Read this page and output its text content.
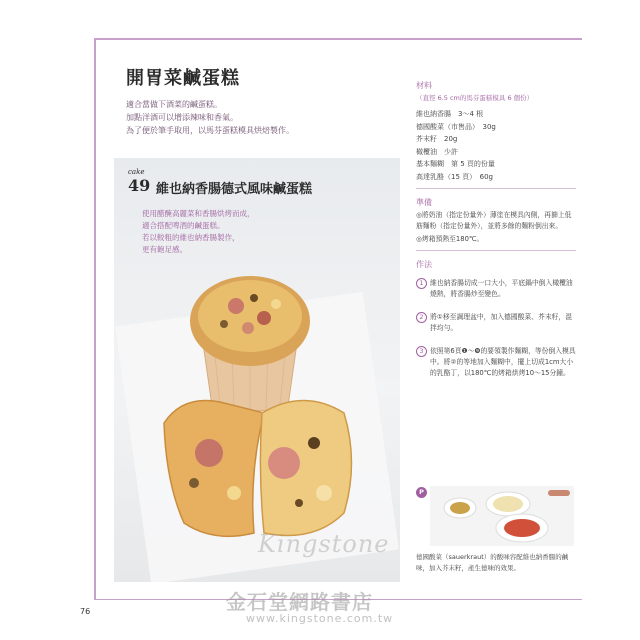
開胃菜鹹蛋糕
適合當做下酒菜的鹹蛋糕。
加點洋酒可以增添辣味和香氣。
為了便於筆手取用，以馬芬蛋糕模具烘焙製作。
cake
49 維也納香腸德式風味鹹蛋糕
使用醋醃高麗菜和香腸烘烤而成，
適合搭配啤酒的鹹蛋糕。
若以較粗的維也納香腸製作，
更有飽足感。
材料
（直徑 6.5 cm的馬芬蛋糕模具 6 個份）
維也納香腸　3～4 根
德國酸菜（市售品）　30g
芥末籽　20g
橄欖油　少許
基本麵糊　第 5 頁的份量
高達乳酪（15 頁）　60g
準備
◎將奶油（指定份量外）薄塗在模具內側，再篩上低筋麵粉（指定份量外），並將多餘的麵粉倒出來。
◎烤箱預熱至180℃。
作法
1 維也納香腸切成一口大小，平底鍋中倒入橄欖油燒熱，將香腸炒至變色。
2 將①移至調理盆中，加入德國酸菜、芥末籽，混拌均勻。
3 依照第6頁❶～❾的要領製作麵糊，等份倒入模具中。將②的等地加入麵糊中，擺上切成1cm大小的乳酪丁，以180℃的烤箱烘烤10～15分鐘。
P
德國酸菜（sauerkraut）的酸味容配維也納香腸的鹹味，加入芥末籽，產生德味的效果。
Kingstone
金石堂網路書店
www.kingstone.com.tw
76
